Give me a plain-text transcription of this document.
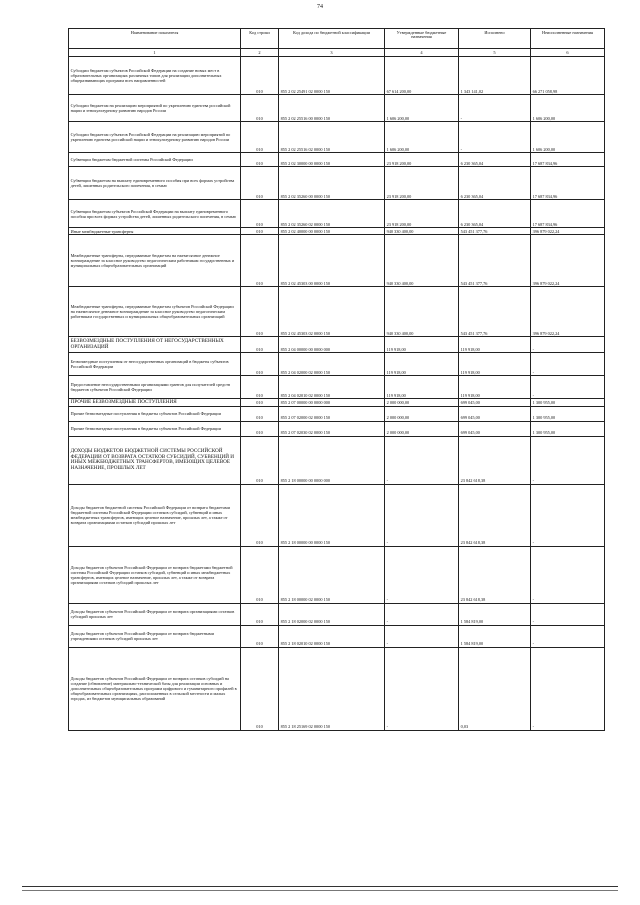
74
Наименование показателя	Код строки	Код дохода по бюджетной классификации	Утвержденные бюджетные назначения	Исполнено	Неисполненные назначения
1	2	3	4	5	6
Субсидии бюджетам субъектов Российской Федерации на создание новых мест в образовательных организациях различных типов для реализации дополнительных общеразвивающих программ всех направленностей	010	855 2 02 25491 02 0000 150	67 614 200,00	1 343 141,02	66 271 058,98
Субсидии бюджетам на реализацию мероприятий по укреплению единства российской нации и этнокультурному развитию народов России	010	855 2 02 25516 00 0000 150	1 606 200,00	-	1 606 200,00
Субсидии бюджетам субъектов Российской Федерации на реализацию мероприятий по укреплению единства российской нации и этнокультурному развитию народов России	010	855 2 02 25516 02 0000 150	1 606 200,00	-	1 606 200,00
Субвенции бюджетам бюджетной системы Российской Федерации	010	855 2 02 30000 00 0000 150	23 918 200,00	6 230 365,04	17 687 834,96
Субвенции бюджетам на выплату единовременного пособия при всех формах устройства детей, лишенных родительского попечения, в семью	010	855 2 02 35260 00 0000 150	23 918 200,00	6 230 365,04	17 687 834,96
Субвенции бюджетам субъектов Российской Федерации на выплату единовременного пособия при всех формах устройства детей, лишенных родительского попечения, в семью	010	855 2 02 35260 02 0000 150	23 918 200,00	6 230 365,04	17 687 834,96
Иные межбюджетные трансферты	010	855 2 02 40000 00 0000 150	940 330 400,00	543 451 377,76	396 879 022,24
Межбюджетные трансферты, передаваемые бюджетам на ежемесячное денежное вознаграждение за классное руководство педагогическим работникам государственных и муниципальных общеобразовательных организаций	010	855 2 02 45303 00 0000 150	940 330 400,00	543 451 377,76	396 879 022,24
Межбюджетные трансферты, передаваемые бюджетам субъектов Российской Федерации на ежемесячное денежное вознаграждение за классное руководство педагогическим работникам государственных и муниципальных общеобразовательных организаций	010	855 2 02 45303 02 0000 150	940 330 400,00	543 451 377,76	396 879 022,24
БЕЗВОЗМЕЗДНЫЕ ПОСТУПЛЕНИЯ ОТ НЕГОСУДАРСТВЕННЫХ ОРГАНИЗАЦИЙ	010	855 2 04 00000 00 0000 000	119 918,00	119 918,00	-
Безвозмездные поступления от негосударственных организаций в бюджеты субъектов Российской Федерации	010	855 2 04 02000 02 0000 150	119 918,00	119 918,00	-
Предоставление негосударственными организациями грантов для получателей средств бюджетов субъектов Российской Федерации	010	855 2 04 02010 02 0000 150	119 918,00	119 918,00	-
ПРОЧИЕ БЕЗВОЗМЕЗДНЫЕ ПОСТУПЛЕНИЯ	010	855 2 07 00000 00 0000 000	2 000 000,00	699 045,00	1 300 955,00
Прочие безвозмездные поступления в бюджеты субъектов Российской Федерации	010	855 2 07 02000 02 0000 150	2 000 000,00	699 045,00	1 300 955,00
Прочие безвозмездные поступления в бюджеты субъектов Российской Федерации	010	855 2 07 02030 02 0000 150	2 000 000,00	699 045,00	1 300 955,00
ДОХОДЫ БЮДЖЕТОВ БЮДЖЕТНОЙ СИСТЕМЫ РОССИЙСКОЙ ФЕДЕРАЦИИ ОТ ВОЗВРАТА ОСТАТКОВ СУБСИДИЙ, СУБВЕНЦИЙ И ИНЫХ МЕЖБЮДЖЕТНЫХ ТРАНСФЕРТОВ, ИМЕЮЩИХ ЦЕЛЕВОЕ НАЗНАЧЕНИЕ, ПРОШЛЫХ ЛЕТ	010	855 2 18 00000 00 0000 000	-	23 842 618,38	-
Доходы бюджетов бюджетной системы Российской Федерации от возврата бюджетами бюджетной системы Российской Федерации остатков субсидий, субвенций и иных межбюджетных трансфертов, имеющих целевое назначение, прошлых лет, а также от возврата организациями остатков субсидий прошлых лет	010	855 2 18 00000 00 0000 150	-	23 842 618,38	-
Доходы бюджетов субъектов Российской Федерации от возврата бюджетами бюджетной системы Российской Федерации остатков субсидий, субвенций и иных межбюджетных трансфертов, имеющих целевое назначение, прошлых лет, а также от возврата организациями остатков субсидий прошлых лет	010	855 2 18 00000 02 0000 150	-	23 842 618,38	-
Доходы бюджетов субъектов Российской Федерации от возврата организациями остатков субсидий прошлых лет	010	855 2 18 02000 02 0000 150	-	1 584 819,00	-
Доходы бюджетов субъектов Российской Федерации от возврата бюджетными учреждениями остатков субсидий прошлых лет	010	855 2 18 02010 02 0000 150	-	1 584 819,00	-
Доходы бюджетов субъектов Российской Федерации от возврата остатков субсидий на создание (обновление) материально-технической базы для реализации основных и дополнительных общеобразовательных программ цифрового и гуманитарного профилей в общеобразовательных организациях, расположенных в сельской местности и малых городах, из бюджетов муниципальных образований	010	855 2 18 25169 02 0000 150	-	0,03	-
